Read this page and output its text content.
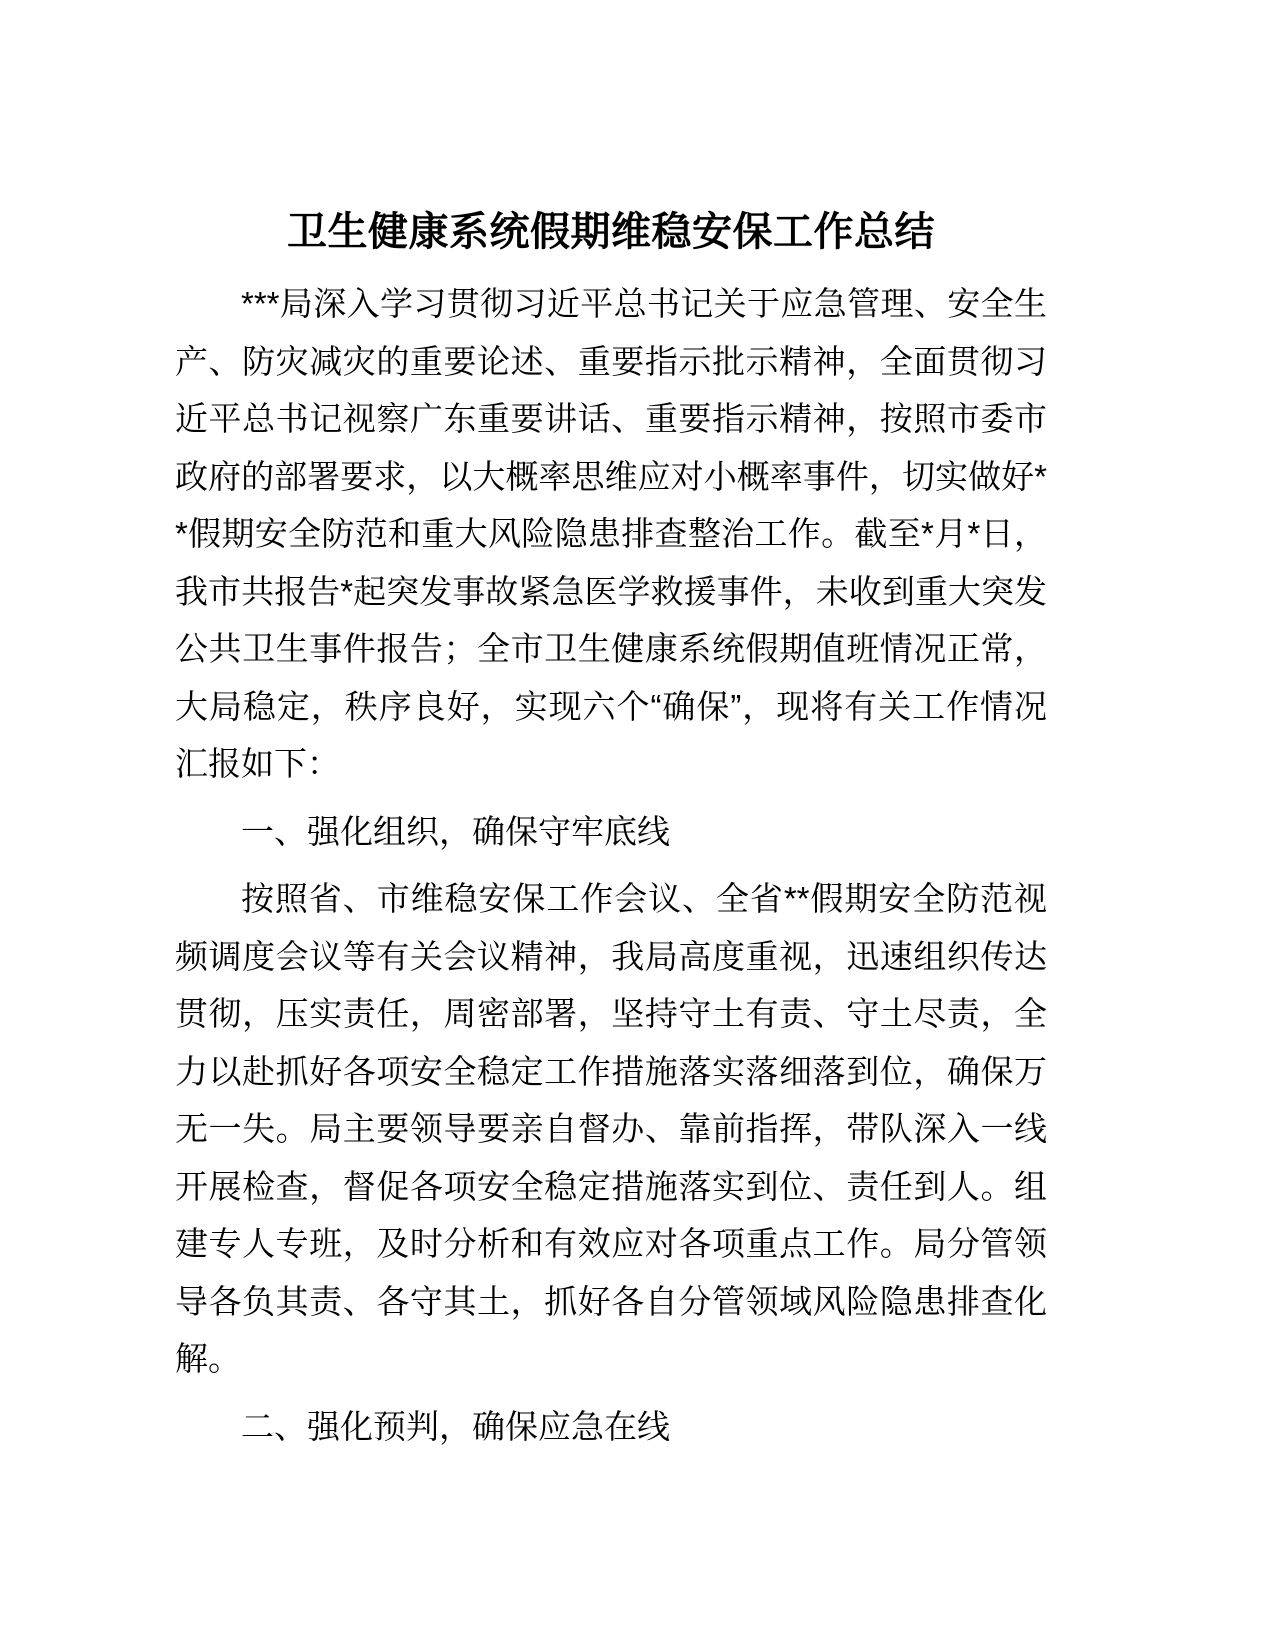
卫生健康系统假期维稳安保工作总结

***局深入学习贯彻习近平总书记关于应急管理、安全生产、防灾减灾的重要论述、重要指示批示精神，全面贯彻习近平总书记视察广东重要讲话、重要指示精神，按照市委市政府的部署要求，以大概率思维应对小概率事件，切实做好**假期安全防范和重大风险隐患排查整治工作。截至*月*日，我市共报告*起突发事故紧急医学救援事件，未收到重大突发公共卫生事件报告；全市卫生健康系统假期值班情况正常，大局稳定，秩序良好，实现六个“确保”，现将有关工作情况汇报如下：

一、强化组织，确保守牢底线

按照省、市维稳安保工作会议、全省**假期安全防范视频调度会议等有关会议精神，我局高度重视，迅速组织传达贯彻，压实责任，周密部署，坚持守土有责、守土尽责，全力以赴抓好各项安全稳定工作措施落实落细落到位，确保万无一失。局主要领导要亲自督办、靠前指挥，带队深入一线开展检查，督促各项安全稳定措施落实到位、责任到人。组建专人专班，及时分析和有效应对各项重点工作。局分管领导各负其责、各守其土，抓好各自分管领域风险隐患排查化解。

二、强化预判，确保应急在线
